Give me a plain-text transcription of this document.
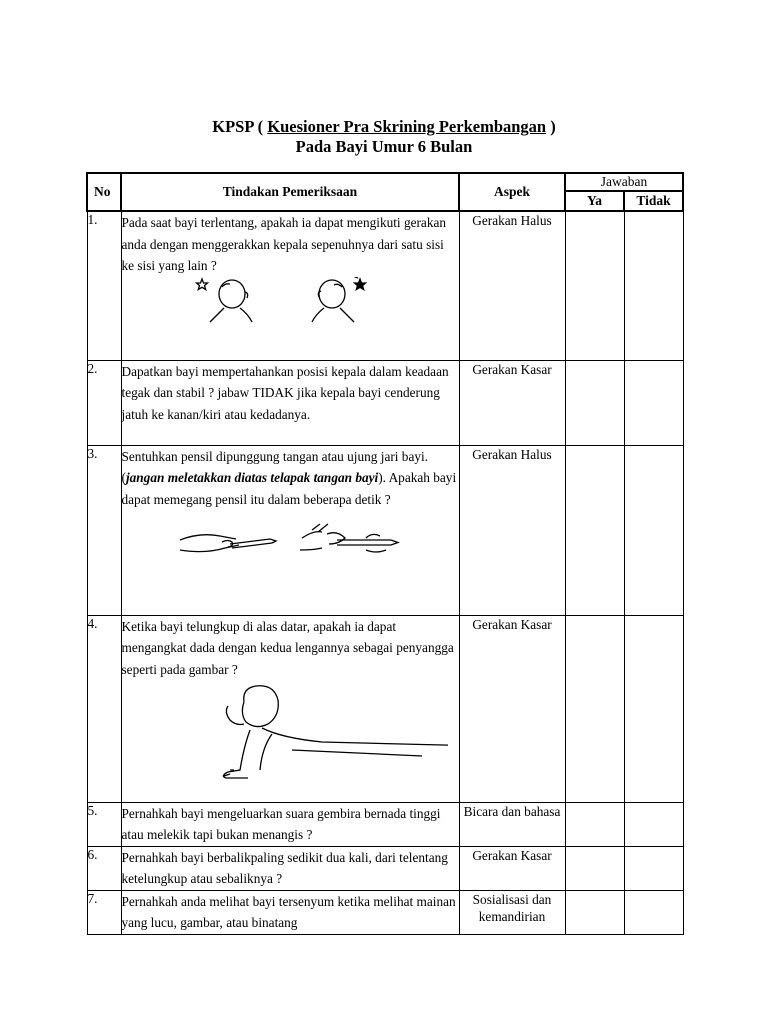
KPSP ( Kuesioner Pra Skrining Perkembangan )
Pada Bayi Umur 6 Bulan
No	Tindakan Pemeriksaan	Aspek	Jawaban	
			Ya	Tidak
1.	Pada saat bayi terlentang, apakah ia dapat mengikuti gerakan anda dengan menggerakkan kepala sepenuhnya dari satu sisi ke sisi yang lain ?	Gerakan Halus		
2.	Dapatkan bayi mempertahankan posisi kepala dalam keadaan tegak dan stabil ? jabaw TIDAK jika kepala bayi cenderung jatuh ke kanan/kiri atau kedadanya.	Gerakan Kasar		
3.	Sentuhkan pensil dipunggung tangan atau ujung jari bayi. (jangan meletakkan diatas telapak tangan bayi). Apakah bayi dapat memegang pensil itu dalam beberapa detik ?	Gerakan Halus		
4.	Ketika bayi telungkup di alas datar, apakah ia dapat mengangkat dada dengan kedua lengannya sebagai penyangga seperti pada gambar ?	Gerakan Kasar		
5.	Pernahkah bayi mengeluarkan suara gembira bernada tinggi atau melekik tapi bukan menangis ?	Bicara dan bahasa		
6.	Pernahkah bayi berbalikpaling sedikit dua kali, dari telentang ketelungkup atau sebaliknya ?	Gerakan Kasar		
7.	Pernahkah anda melihat bayi tersenyum ketika melihat mainan yang lucu, gambar, atau binatang	Sosialisasi dan kemandirian		
